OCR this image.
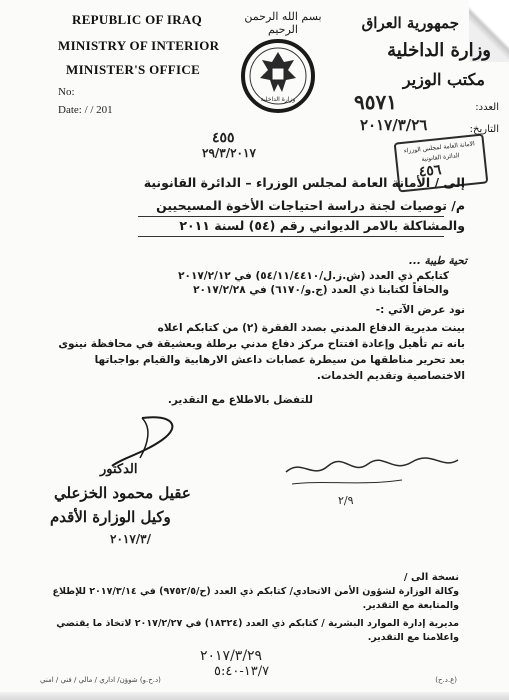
REPUBLIC OF IRAQ
MINISTRY OF INTERIOR
MINISTER'S OFFICE
No:
Date: / / 201
بسم الله الرحمن الرحيم
وزارة الداخلية
جمهورية العراق
وزارة الداخلية
مكتب الوزير
العدد:
التاريخ:
٩٥٧١
٢٠١٧/٣/٢٦
٤٥٥
٢٩/٣/٢٠١٧	الامانة العامة لمجلس الوزراء
الدائرة القانونية
٤٥٦
إلى / الأمانة العامة لمجلس الوزراء – الدائرة القانونية
م/ توصيات لجنة دراسة احتياجات الأخوة المسيحيين
والمشاكلة بالامر الديواني رقم (٥٤) لسنة ٢٠١١
تحية طيبة ...
كتابكم ذي العدد (ش.ز.ل/٥٤/١١/٤٤١٠) في ٢٠١٧/٢/١٢
والحاقاً لكتابنا ذي العدد (ج.و/٦١٧٠) في ٢٠١٧/٢/٢٨
نود عرض الآتي :-
بينت مديرية الدفاع المدني بصدد الفقرة (٢) من كتابكم اعلاه
بانه تم تأهيل وإعادة افتتاح مركز دفاع مدني برطلة وبعشيقة في محافظة نينوى
بعد تحرير مناطقها من سيطرة عصابات داعش الارهابية والقيام بواجباتها
الاختصاصية وتقديم الخدمات.
للتفضل بالاطلاع مع التقدير.
الدكتور
عقيل محمود الخزعلي
وكيل الوزارة الأقدم
٢٠١٧/٣/
٢/٩
نسخة الى /
وكالة الوزارة لشؤون الأمن الاتحادي/ كتابكم ذي العدد (ح/٩٧٥٢/٥) في ٢٠١٧/٣/١٤ للإطلاع
والمتابعة مع التقدير.
مديرية إدارة الموارد البشرية / كتابكم ذي العدد (١٨٣٢٤) في ٢٠١٧/٢/٢٧ لاتخاذ ما يقتضي
واعلامنا مع التقدير.
٢٠١٧/٣/٢٩
١٣/٧-٥:٤٠
(د.ح.و) شوؤن/ اداري / مالي / فني / امني	(ع.د.ح)
